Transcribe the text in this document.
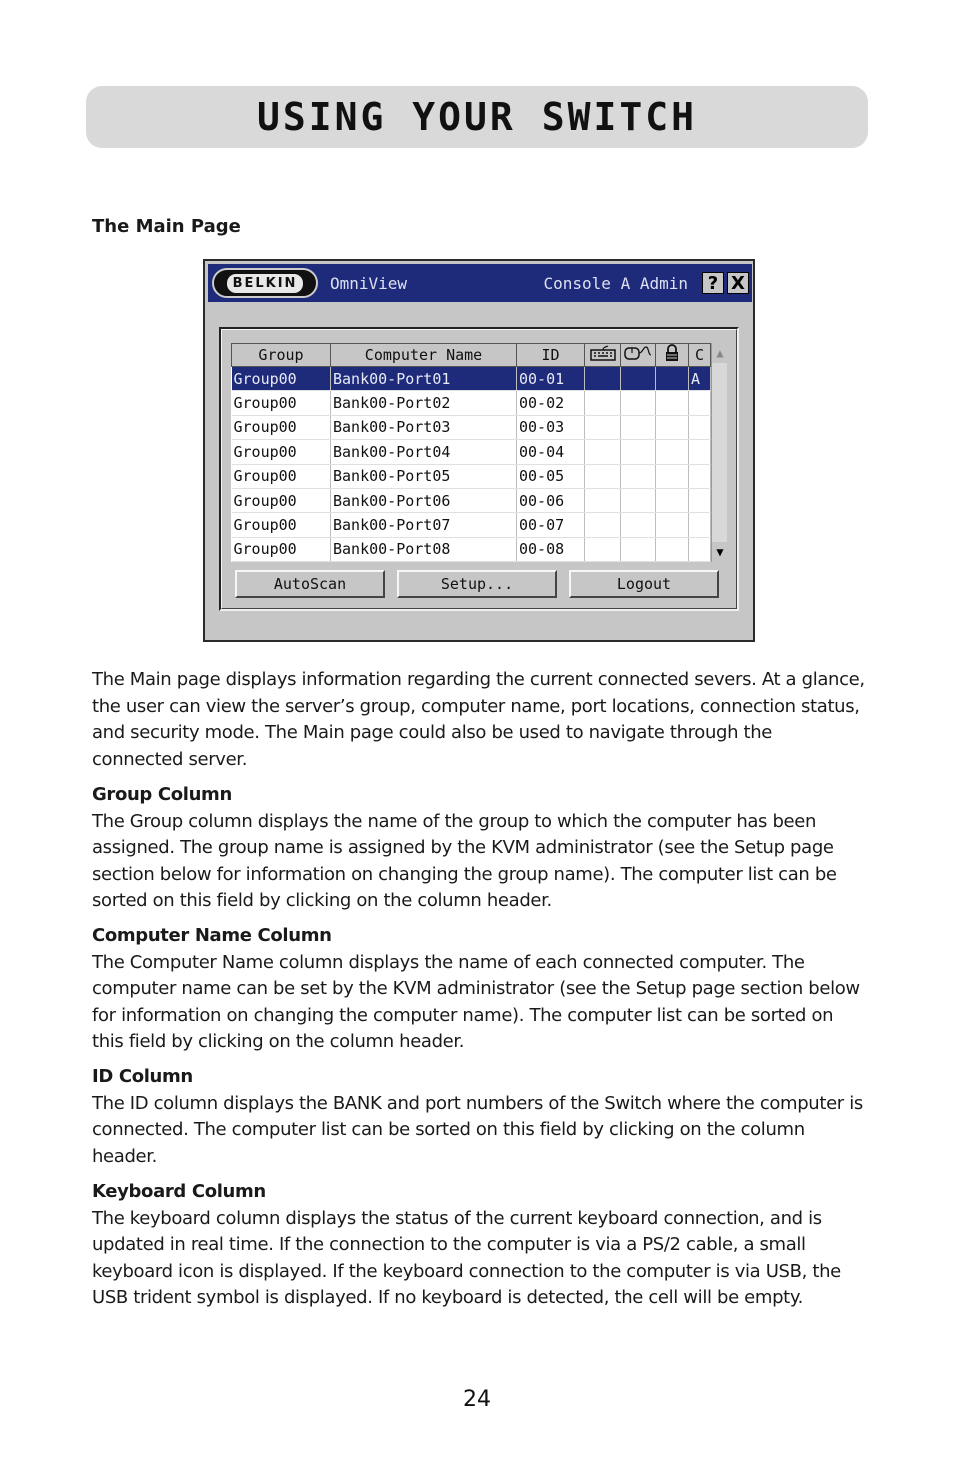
USING YOUR SWITCH
The Main Page
BELKIN	OmniView	Console A Admin	? X
Group	Computer Name	ID				C
Group00	Bank00-Port01	00-01				A
Group00	Bank00-Port02	00-02				
Group00	Bank00-Port03	00-03				
Group00	Bank00-Port04	00-04				
Group00	Bank00-Port05	00-05				
Group00	Bank00-Port06	00-06				
Group00	Bank00-Port07	00-07				
Group00	Bank00-Port08	00-08				
▲
▼
AutoScan	Setup...	Logout
The Main page displays information regarding the current connected severs. At a glance, the user can view the server’s group, computer name, port locations, connection status, and security mode. The Main page could also be used to navigate through the connected server.
Group Column
The Group column displays the name of the group to which the computer has been assigned. The group name is assigned by the KVM administrator (see the Setup page section below for information on changing the group name). The computer list can be sorted on this field by clicking on the column header.
Computer Name Column
The Computer Name column displays the name of each connected computer. The computer name can be set by the KVM administrator (see the Setup page section below for information on changing the computer name). The computer list can be sorted on this field by clicking on the column header.
ID Column
The ID column displays the BANK and port numbers of the Switch where the computer is connected. The computer list can be sorted on this field by clicking on the column header.
Keyboard Column
The keyboard column displays the status of the current keyboard connection, and is updated in real time. If the connection to the computer is via a PS/2 cable, a small keyboard icon is displayed. If the keyboard connection to the computer is via USB, the USB trident symbol is displayed. If no keyboard is detected, the cell will be empty.
24
